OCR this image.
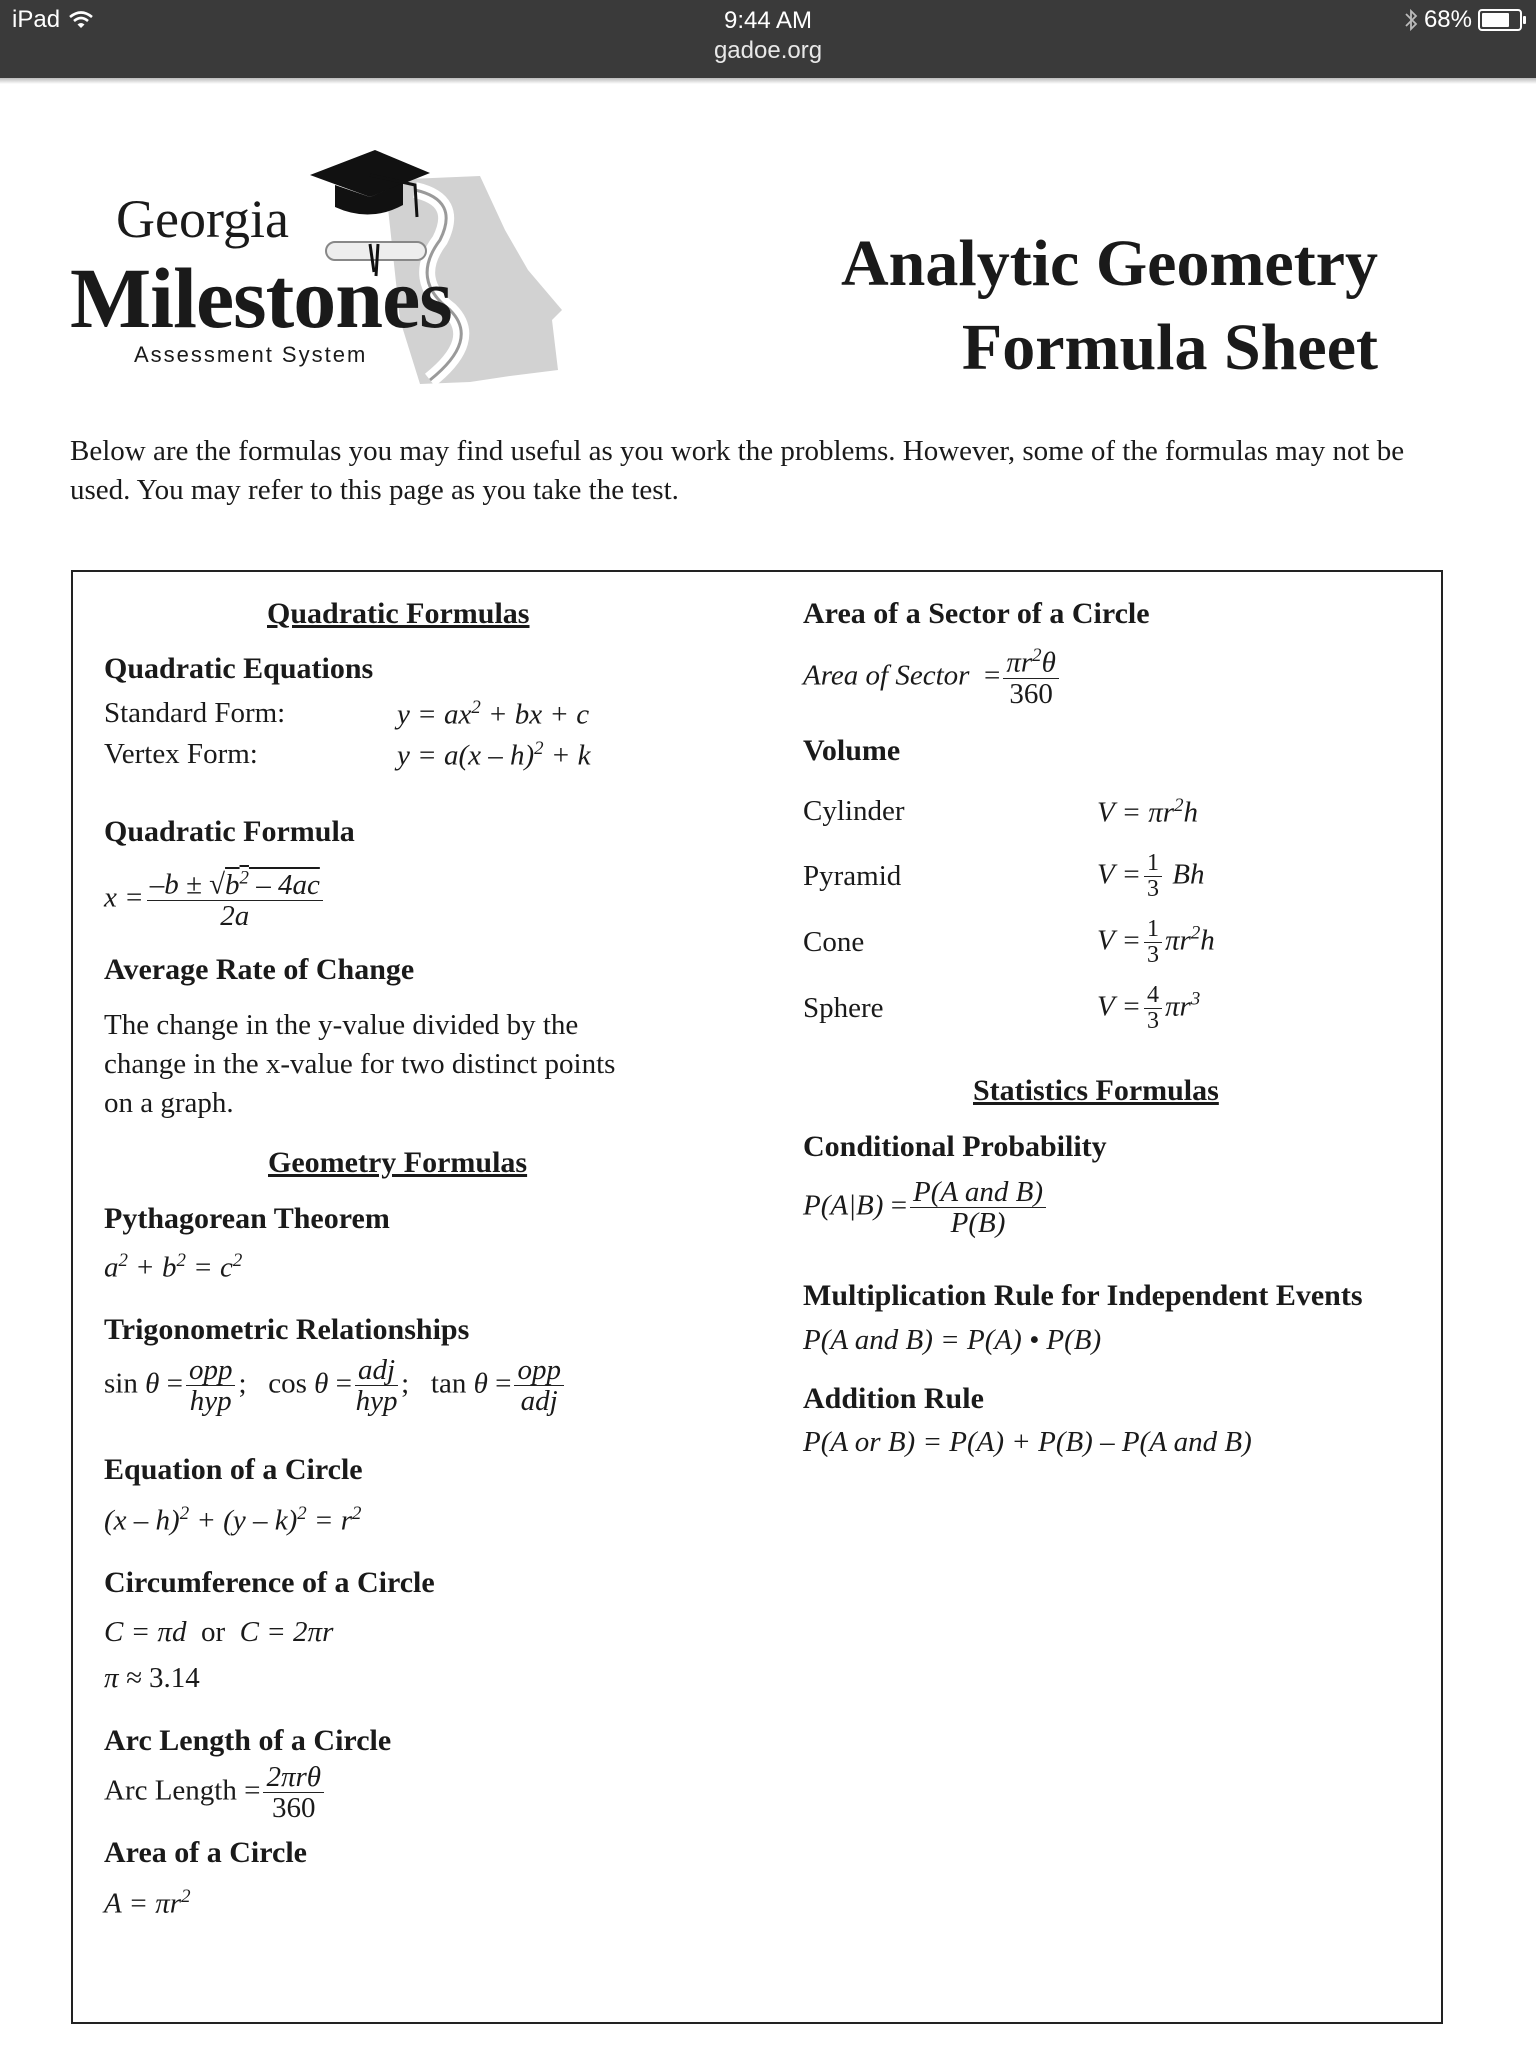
iPad	9:44 AM
gadoe.org
68%
Georgia
Milestones
Assessment System
Analytic Geometry
Formula Sheet
Below are the formulas you may find useful as you work the problems. However, some of the formulas may not be used. You may refer to this page as you take the test.
Quadratic Formulas
Quadratic Equations
Standard Form:	$y = ax^2$ + bx + c
Vertex Form:	y = a(x – h)$^2$ + k
Quadratic Formula
$x = \frac{-b \pm √b^2 - 4ac}{2a}$
Average Rate of Change
The change in the y-value divided by the change in the x-value for two distinct points on a graph.
Geometry Formulas
Pythagorean Theorem
$a^2 + b^2 = c^2$
Trigonometric Relationships
$\sin \theta = \frac{\text{opp}}{\text{hyp}}$ ;   $\cos \theta = \frac{\text{adj}}{\text{hyp}}$ ;   $\tan \theta = \frac{\text{opp}}{\text{adj}}$
Equation of a Circle
$(x - h)^2 + (y - k)^2 = r^2$
Circumference of a Circle
C = πd  or  C = 2πr
π ≈ 3.14
Arc Length of a Circle
Arc Length = $\frac{\text{2πrθ}}{360}$
Area of a Circle
$A = \pi r^2$
Area of a Sector of a Circle
Area of Sector = $\frac{\pi r^2\theta}{360}$
Volume
Cylinder	$V = \pi r^2h$
Pyramid	$V = \frac{1}{3}$ Bh
Cone	$V = \frac{1}{3} \pi r^2h$
Sphere	$V = \frac{4}{3} \pi r^3$
Statistics Formulas
Conditional Probability
$P(A|B) = \frac{\text{P(A and B)}}{P(B)}$
Multiplication Rule for Independent Events
P(A and B) = P(A) • P(B)
Addition Rule
P(A or B) = P(A) + P(B) – P(A and B)
